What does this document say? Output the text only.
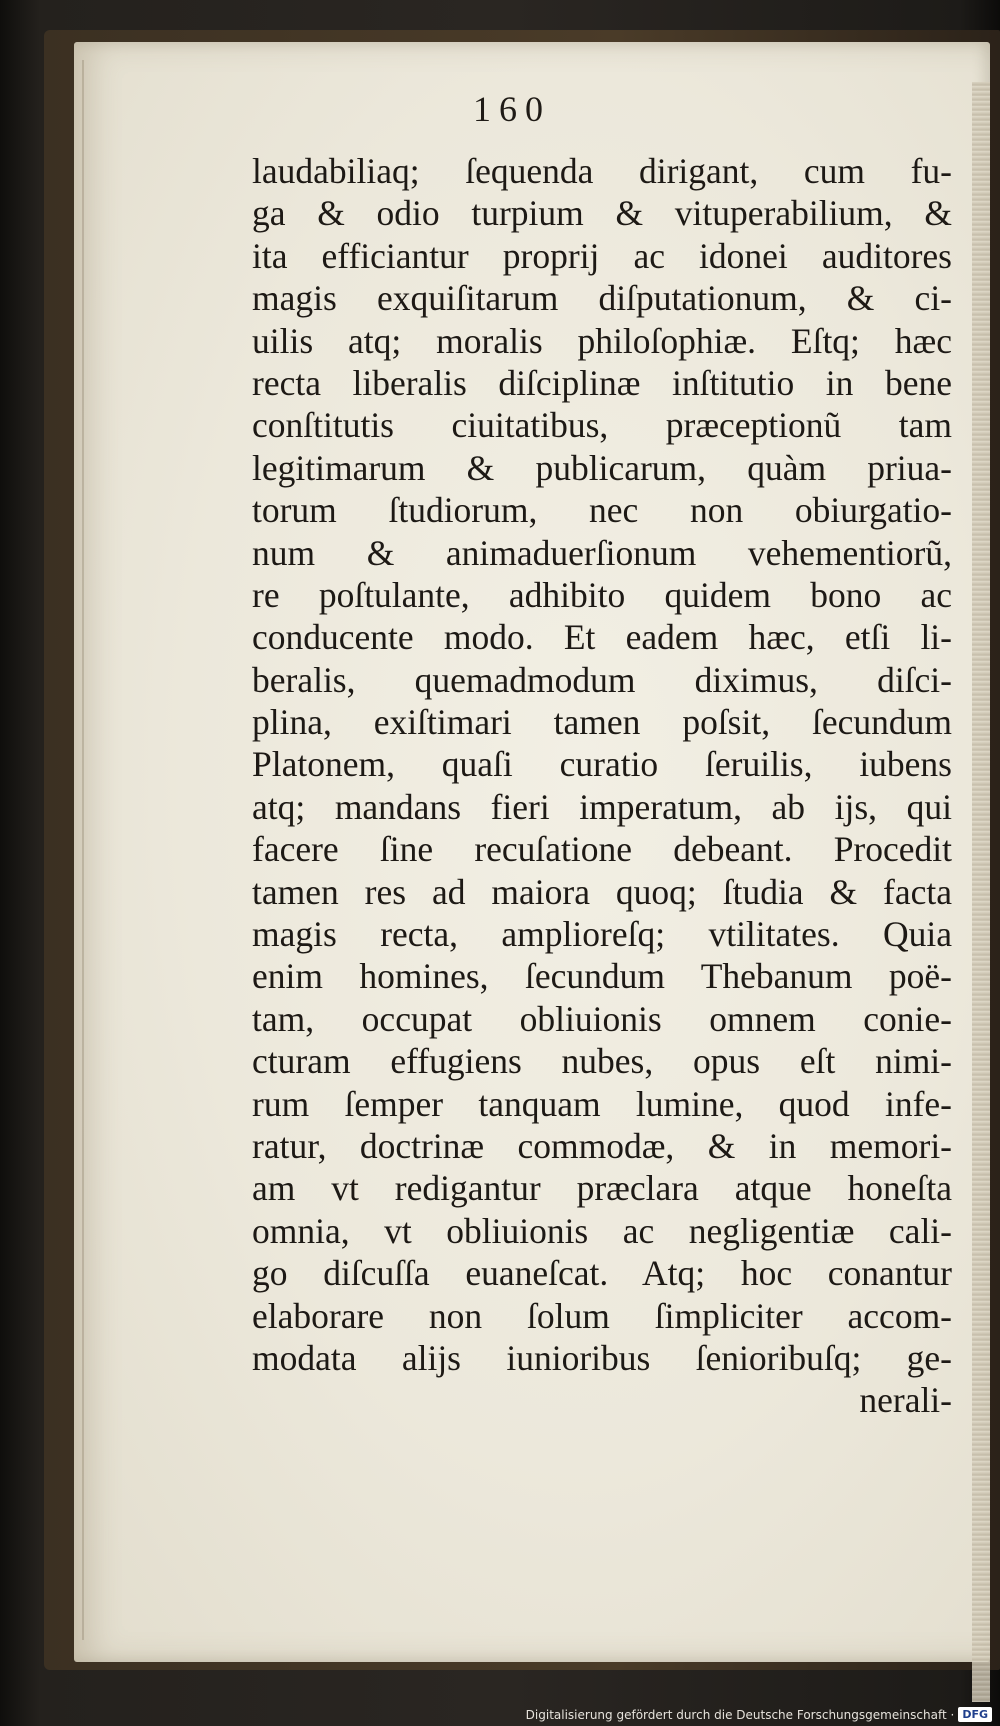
160
laudabiliaq; ſequenda dirigant, cum fu-
ga & odio turpium & vituperabilium, &
ita efficiantur proprij ac idonei auditores
magis exquiſitarum diſputationum, & ci-
uilis atq; moralis philoſophiæ. Eſtq; hæc
recta liberalis diſciplinæ inſtitutio in bene
conſtitutis ciuitatibus, præceptionũ tam
legitimarum & publicarum, quàm priua-
torum ſtudiorum, nec non obiurgatio-
num & animaduerſionum vehementiorũ,
re poſtulante, adhibito quidem bono ac
conducente modo. Et eadem hæc, etſi li-
beralis, quemadmodum diximus, diſci-
plina, exiſtimari tamen poſsit, ſecundum
Platonem, quaſi curatio ſeruilis, iubens
atq; mandans fieri imperatum, ab ijs, qui
facere ſine recuſatione debeant. Procedit
tamen res ad maiora quoq; ſtudia & facta
magis recta, amplioreſq; vtilitates. Quia
enim homines, ſecundum Thebanum poë-
tam, occupat obliuionis omnem conie-
cturam effugiens nubes, opus eſt nimi-
rum ſemper tanquam lumine, quod infe-
ratur, doctrinæ commodæ, & in memori-
am vt redigantur præclara atque honeſta
omnia, vt obliuionis ac negligentiæ cali-
go diſcuſſa euaneſcat. Atq; hoc conantur
elaborare non ſolum ſimpliciter accom-
modata alijs iunioribus ſenioribuſq; ge-
nerali-
Digitalisierung gefördert durch die Deutsche Forschungsgemeinschaft · DFG
